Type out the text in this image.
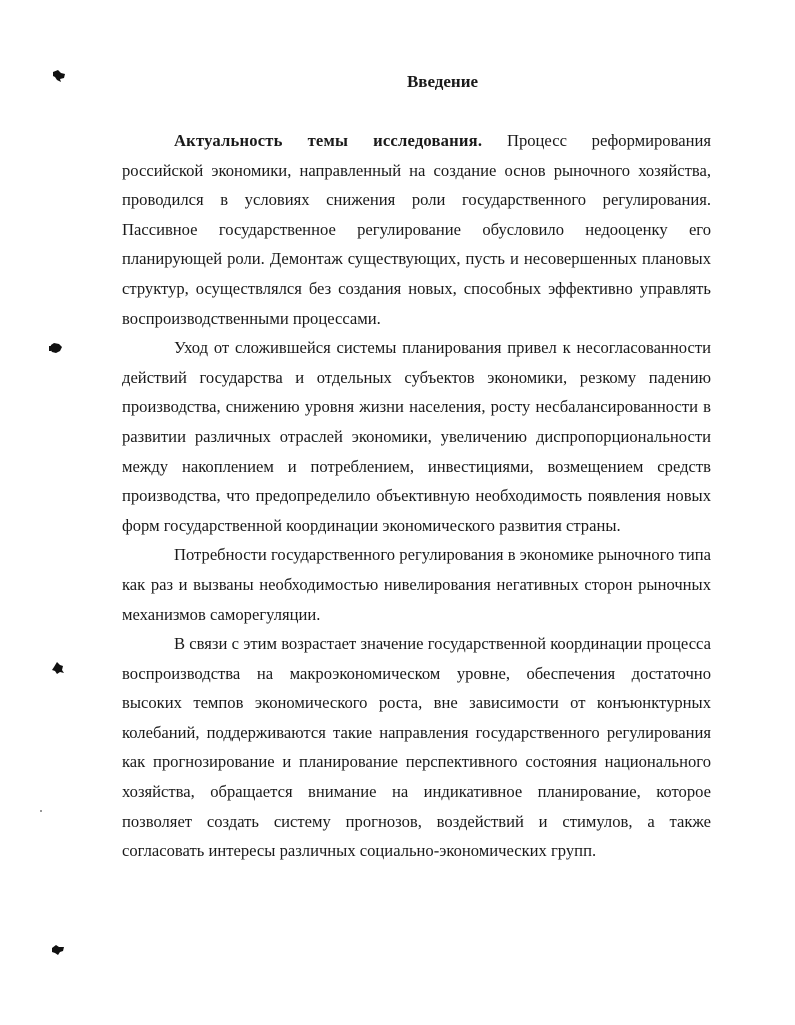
Введение

Актуальность темы исследования. Процесс реформирования российской экономики, направленный на создание основ рыночного хозяйства, проводился в условиях снижения роли государственного регулирования. Пассивное государственное регулирование обусловило недооценку его планирующей роли. Демонтаж существующих, пусть и несовершенных плановых структур, осуществлялся без создания новых, способных эффективно управлять воспроизводственными процессами.

Уход от сложившейся системы планирования привел к несогласованности действий государства и отдельных субъектов экономики, резкому падению производства, снижению уровня жизни населения, росту несбалансированности в развитии различных отраслей экономики, увеличению диспропорциональности между накоплением и потреблением, инвестициями, возмещением средств производства, что предопределило объективную необходимость появления новых форм государственной координации экономического развития страны.

Потребности государственного регулирования в экономике рыночного типа как раз и вызваны необходимостью нивелирования негативных сторон рыночных механизмов саморегуляции.

В связи с этим возрастает значение государственной координации процесса воспроизводства на макроэкономическом уровне, обеспечения достаточно высоких темпов экономического роста, вне зависимости от конъюнктурных колебаний, поддерживаются такие направления государственного регулирования как прогнозирование и планирование перспективного состояния национального хозяйства, обращается внимание на индикативное планирование, которое позволяет создать систему прогнозов, воздействий и стимулов, а также согласовать интересы различных социально-экономических групп.
